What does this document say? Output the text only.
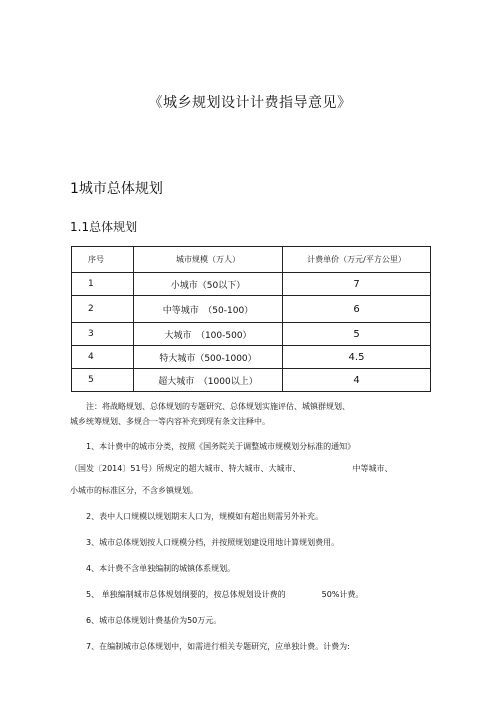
《城乡规划设计计费指导意见》
1城市总体规划
1.1总体规划
序号	城市规模（万人）	计费单价（万元/平方公里）
1	小城市（50以下）	7
2	中等城市　（50-100）	6
3	大城市　（100-500）	5
4	特大城市（500-1000）	4.5
5	超大城市　（1000以上）	4
注：将战略规划、总体规划的专题研究、总体规划实施评估、城镇群规划、
城乡统筹规划、多规合一等内容补充到现有条文注释中。
1、本计费中的城市分类，按照《国务院关于调整城市规模划分标准的通知》
（国发〔2014〕51号）所规定的超大城市、特大城市、大城市、	中等城市、
小城市的标准区分，不含乡镇规划。
2、表中人口规模以规划期末人口为，规模如有超出则需另外补充。
3、城市总体规划按人口规模分档，并按照规划建设用地计算规划费用。
4、本计费不含单独编制的城镇体系规划。
5、 单独编制城市总体规划纲要的，按总体规划设计费的	50%计费。
6、城市总体规划计费基价为50万元。
7、在编制城市总体规划中，如需进行相关专题研究，应单独计费。计费为:
